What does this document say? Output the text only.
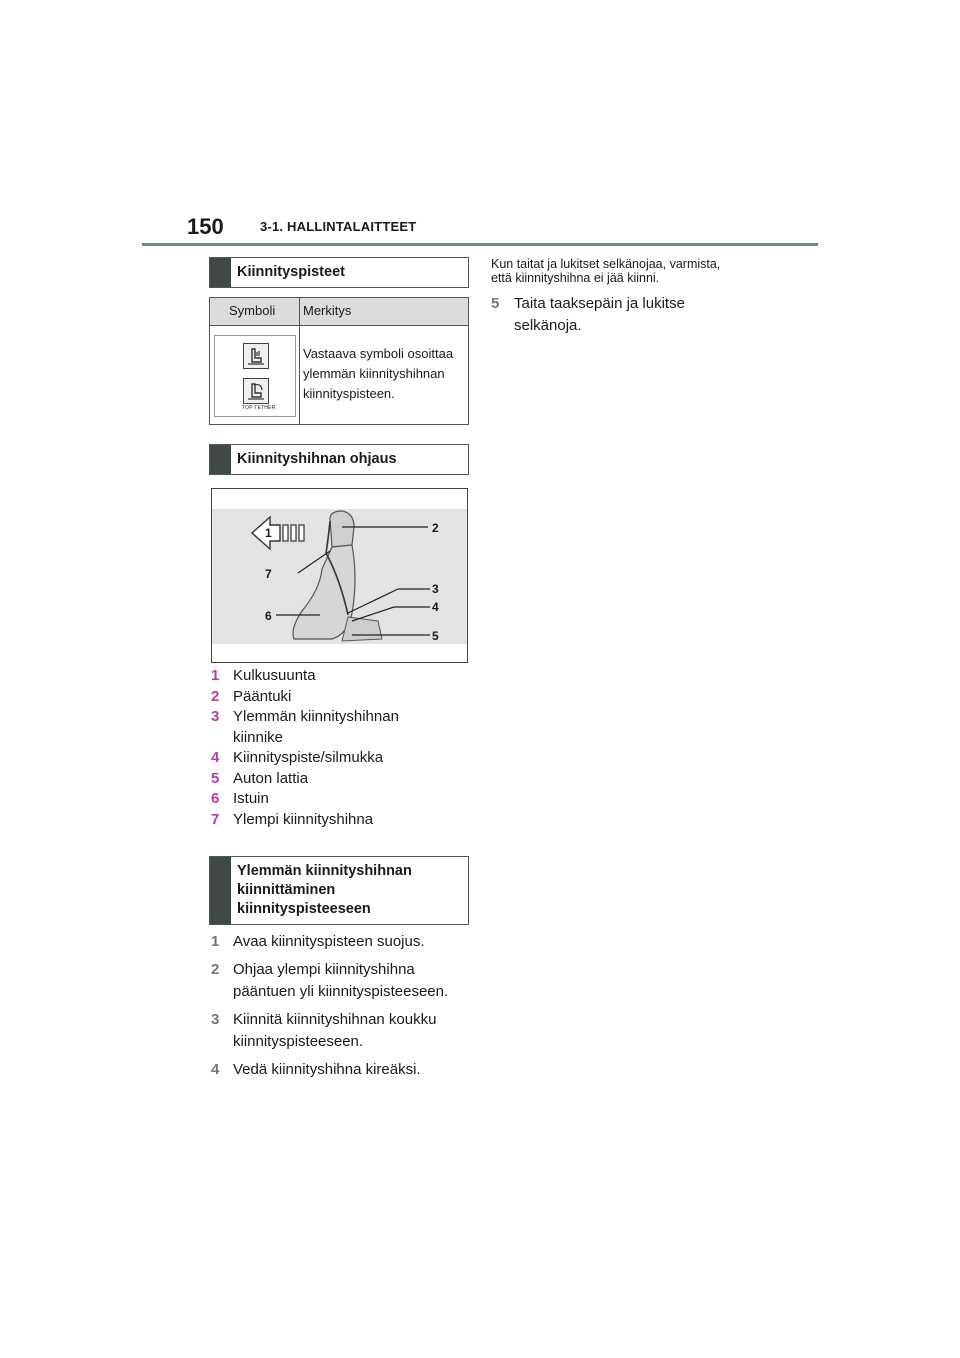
150	3-1. HALLINTALAITTEET
Kiinnityspisteet
Symboli Merkitys
TOP TETHER
Vastaava symboli osoittaa ylemmän kiinnityshihnan kiinnityspisteen.
Kiinnityshihnan ohjaus
1	2
3
4
5
6
7
1 Kulkusuunta
2 Pääntuki
3 Ylemmän kiinnityshihnan kiinnike
4 Kiinnityspiste/silmukka
5 Auton lattia
6 Istuin
7 Ylempi kiinnityshihna
Ylemmän kiinnityshihnan kiinnittäminen kiinnityspisteeseen
1 Avaa kiinnityspisteen suojus.
2 Ohjaa ylempi kiinnityshihna pääntuen yli kiinnityspisteeseen.
3 Kiinnitä kiinnityshihnan koukku kiinnityspisteeseen.
4 Vedä kiinnityshihna kireäksi.
Kun taitat ja lukitset selkänojaa, varmista, että kiinnityshihna ei jää kiinni.
5 Taita taaksepäin ja lukitse selkänoja.
